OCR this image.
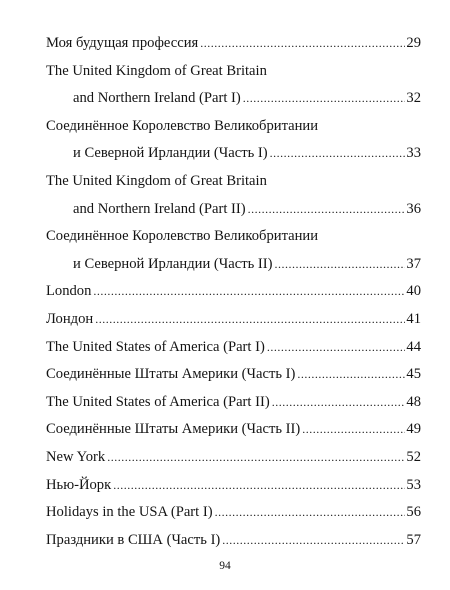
Моя будущая профессия .....	29
The United Kingdom of Great Britain
and Northern Ireland (Part I) .....	32
Соединённое Королевство Великобритании
и Северной Ирландии (Часть I) .....	33
The United Kingdom of Great Britain
and Northern Ireland (Part II) .....	36
Соединённое Королевство Великобритании
и Северной Ирландии (Часть II) .....	37
London .....	40
Лондон .....	41
The United States of America (Part I) .....	44
Соединённые Штаты Америки (Часть I) .....	45
The United States of America (Part II) .....	48
Соединённые Штаты Америки (Часть II) .....	49
New York .....	52
Нью-Йорк .....	53
Holidays in the USA (Part I) .....	56
Праздники в США (Часть I) .....	57
94
